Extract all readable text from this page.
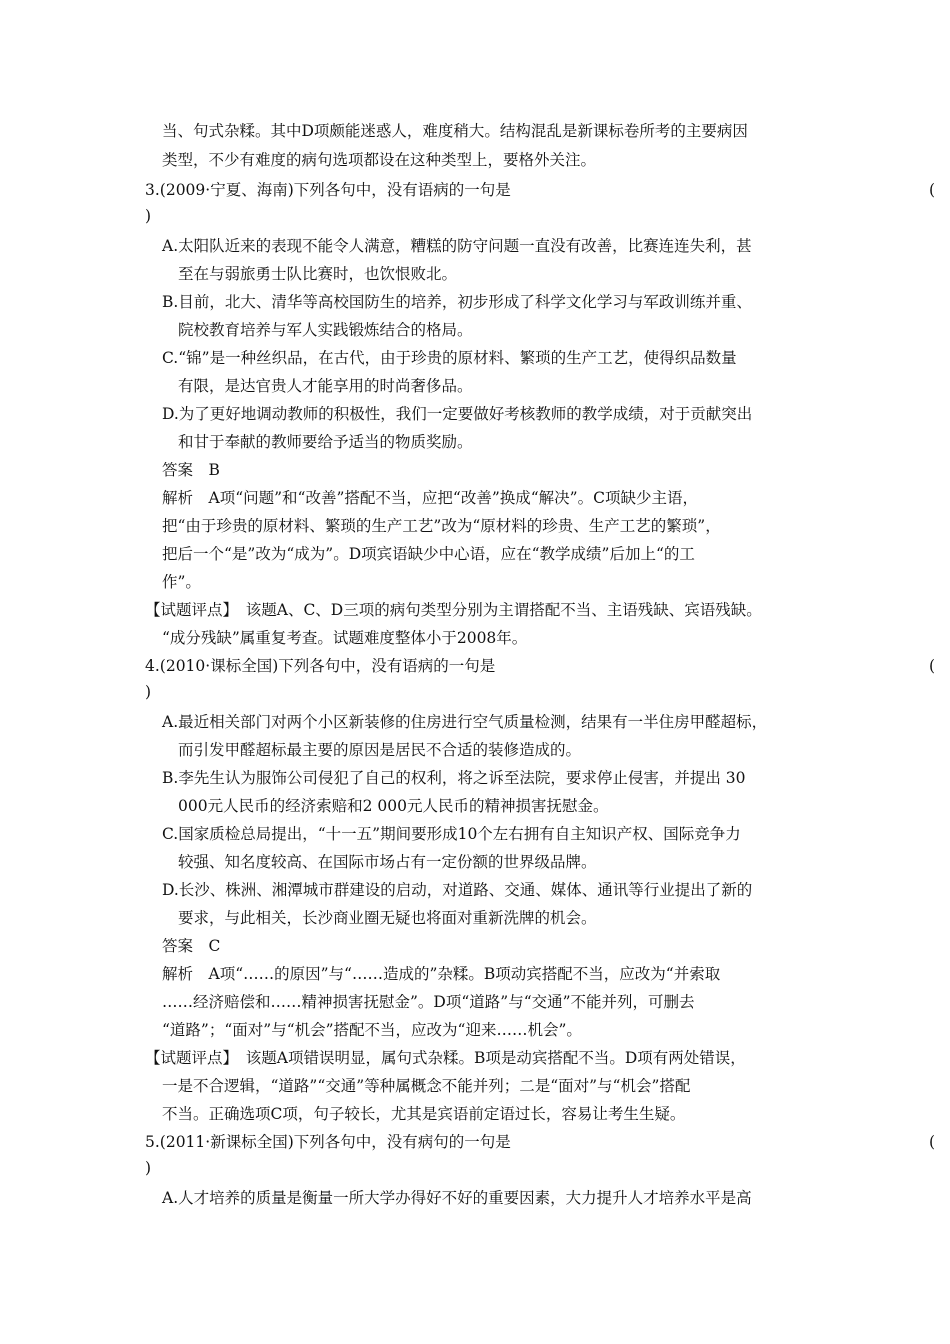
当、句式杂糅。其中D项颇能迷惑人，难度稍大。结构混乱是新课标卷所考的主要病因
类型，不少有难度的病句选项都设在这种类型上，要格外关注。
3.(2009·宁夏、海南)下列各句中，没有语病的一句是	(
)
A.太阳队近来的表现不能令人满意，糟糕的防守问题一直没有改善，比赛连连失利，甚
至在与弱旅勇士队比赛时，也饮恨败北。
B.目前，北大、清华等高校国防生的培养，初步形成了科学文化学习与军政训练并重、
院校教育培养与军人实践锻炼结合的格局。
C.“锦”是一种丝织品，在古代，由于珍贵的原材料、繁琐的生产工艺，使得织品数量
有限，是达官贵人才能享用的时尚奢侈品。
D.为了更好地调动教师的积极性，我们一定要做好考核教师的教学成绩，对于贡献突出
和甘于奉献的教师要给予适当的物质奖励。
答案　B
解析　A项“问题”和“改善”搭配不当，应把“改善”换成“解决”。C项缺少主语，
把“由于珍贵的原材料、繁琐的生产工艺”改为“原材料的珍贵、生产工艺的繁琐”，
把后一个“是”改为“成为”。D项宾语缺少中心语，应在“教学成绩”后加上“的工
作”。
【试题评点】　该题A、C、D三项的病句类型分别为主谓搭配不当、主语残缺、宾语残缺。
“成分残缺”属重复考查。试题难度整体小于2008年。
4.(2010·课标全国)下列各句中，没有语病的一句是	(
)
A.最近相关部门对两个小区新装修的住房进行空气质量检测，结果有一半住房甲醛超标，
而引发甲醛超标最主要的原因是居民不合适的装修造成的。
B.李先生认为服饰公司侵犯了自己的权利，将之诉至法院，要求停止侵害，并提出 30
000元人民币的经济索赔和2 000元人民币的精神损害抚慰金。
C.国家质检总局提出，“十一五”期间要形成10个左右拥有自主知识产权、国际竞争力
较强、知名度较高、在国际市场占有一定份额的世界级品牌。
D.长沙、株洲、湘潭城市群建设的启动，对道路、交通、媒体、通讯等行业提出了新的
要求，与此相关，长沙商业圈无疑也将面对重新洗牌的机会。
答案　C
解析　A项“……的原因”与“……造成的”杂糅。B项动宾搭配不当，应改为“并索取
……经济赔偿和……精神损害抚慰金”。D项“道路”与“交通”不能并列，可删去
“道路”；“面对”与“机会”搭配不当，应改为“迎来……机会”。
【试题评点】　该题A项错误明显，属句式杂糅。B项是动宾搭配不当。D项有两处错误，
一是不合逻辑，“道路”“交通”等种属概念不能并列；二是“面对”与“机会”搭配
不当。正确选项C项，句子较长，尤其是宾语前定语过长，容易让考生生疑。
5.(2011·新课标全国)下列各句中，没有病句的一句是	(
)
A.人才培养的质量是衡量一所大学办得好不好的重要因素，大力提升人才培养水平是高
